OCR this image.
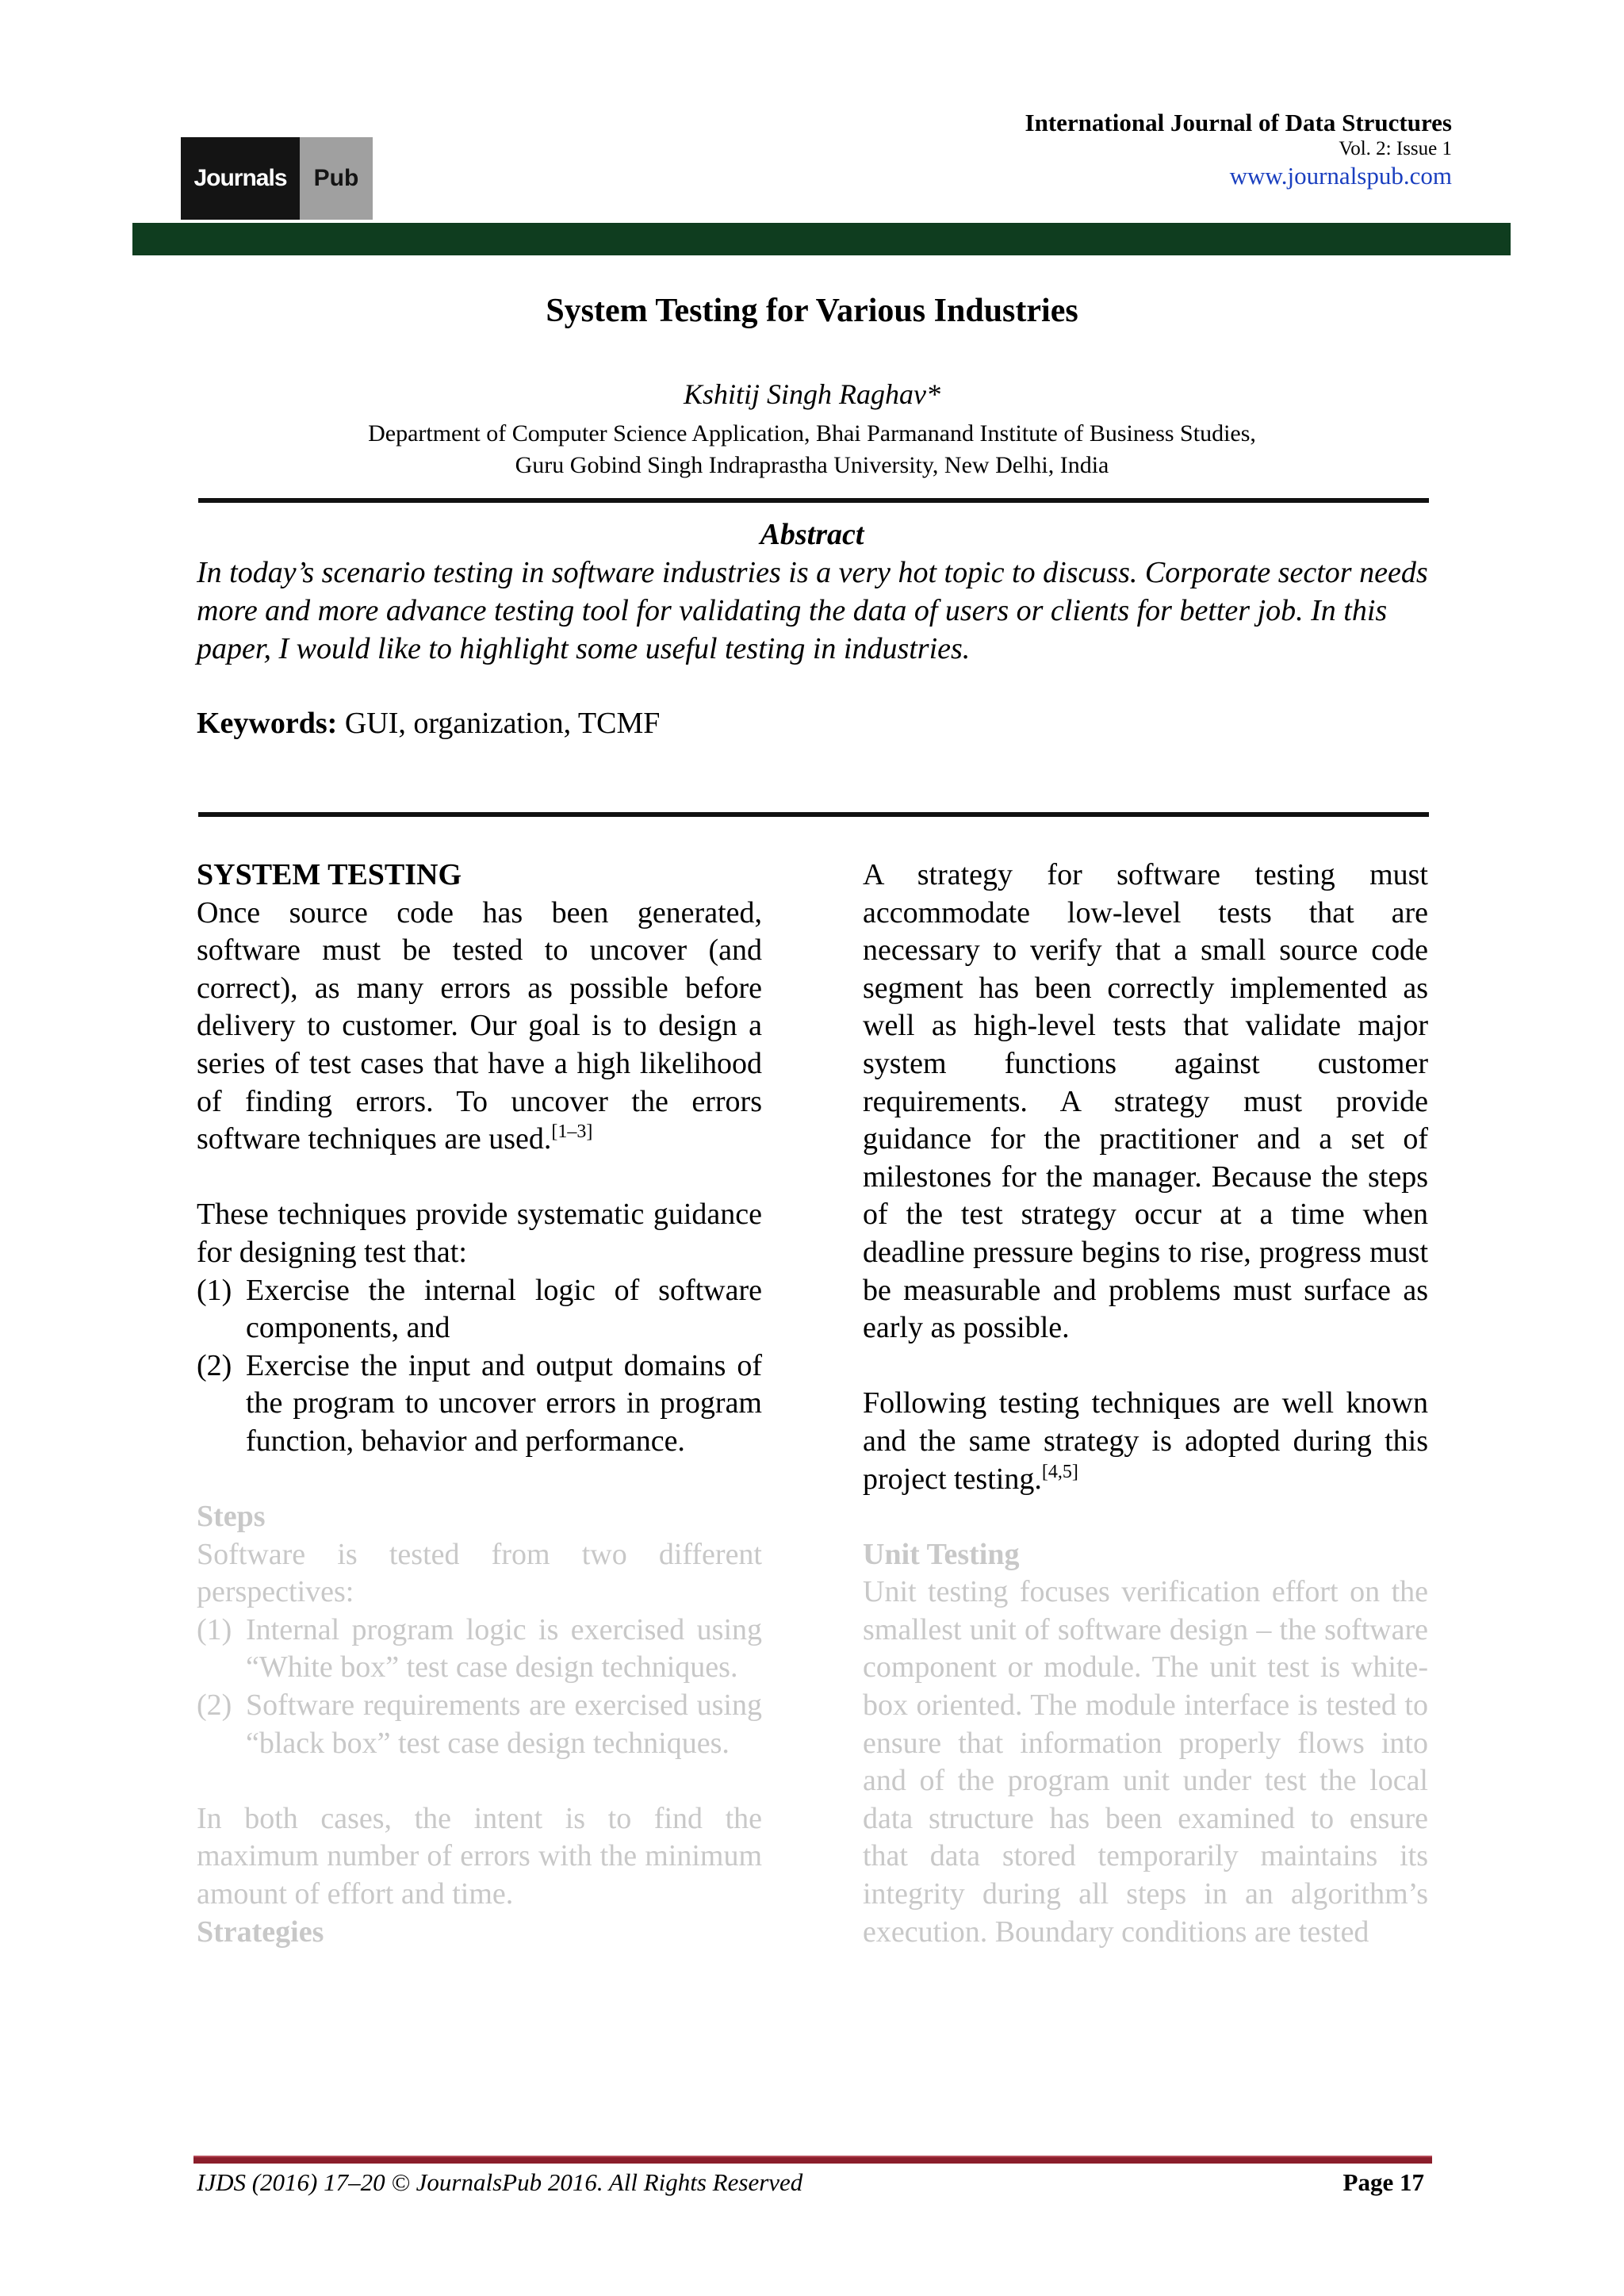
Journals	Pub
International Journal of Data Structures
Vol. 2: Issue 1
www.journalspub.com
System Testing for Various Industries
Kshitij Singh Raghav*
Department of Computer Science Application, Bhai Parmanand Institute of Business Studies,
Guru Gobind Singh Indraprastha University, New Delhi, India
Abstract
In today’s scenario testing in software industries is a very hot topic to discuss. Corporate sector needs more and more advance testing tool for validating the data of users or clients for better job. In this paper, I would like to highlight some useful testing in industries.
Keywords: GUI, organization, TCMF

SYSTEM TESTING

Once source code has been generated, software must be tested to uncover (and correct), as many errors as possible before delivery to customer. Our goal is to design a series of test cases that have a high likelihood of finding errors. To uncover the errors software techniques are used.[1–3]

These techniques provide systematic guidance for designing test that:

(1) Exercise the internal logic of software components, and
(2) Exercise the input and output domains of the program to uncover errors in program function, behavior and performance.

Steps

Software is tested from two different perspectives:

(1) Internal program logic is exercised using “White box” test case design techniques.
(2) Software requirements are exercised using “black box” test case design techniques.

In both cases, the intent is to find the maximum number of errors with the minimum amount of effort and time.

Strategies

A strategy for software testing must accommodate low-level tests that are necessary to verify that a small source code segment has been correctly implemented as well as high-level tests that validate major system functions against customer requirements. A strategy must provide guidance for the practitioner and a set of milestones for the manager. Because the steps of the test strategy occur at a time when deadline pressure begins to rise, progress must be measurable and problems must surface as early as possible.

Following testing techniques are well known and the same strategy is adopted during this project testing.[4,5]

Unit Testing

Unit testing focuses verification effort on the smallest unit of software design – the software component or module. The unit test is white-box oriented. The module interface is tested to ensure that information properly flows into and of the program unit under test the local data structure has been examined to ensure that data stored temporarily maintains its integrity during all steps in an algorithm’s execution. Boundary conditions are tested

IJDS (2016) 17–20 © JournalsPub 2016. All Rights Reserved	Page 17
